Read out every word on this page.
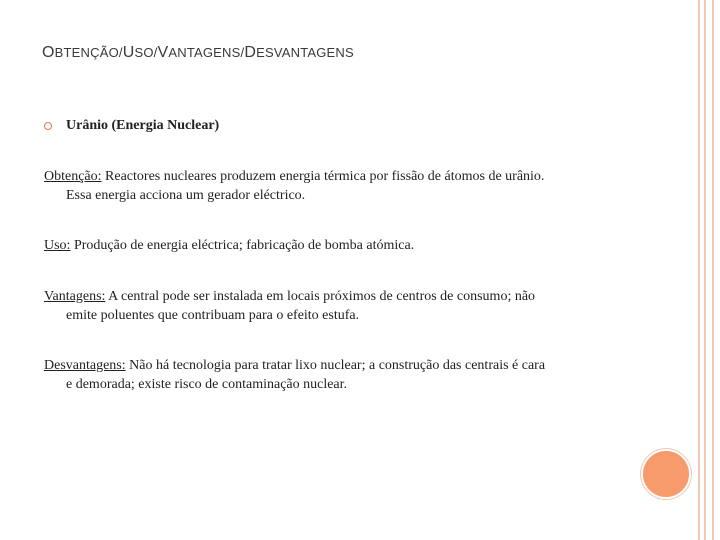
OBTENÇÃO/USO/VANTAGENS/DESVANTAGENS
Urânio (Energia Nuclear)
Obtenção: Reactores nucleares produzem energia térmica por fissão de átomos de urânio.
Essa energia acciona um gerador eléctrico.
Uso: Produção de energia eléctrica; fabricação de bomba atómica.
Vantagens: A central pode ser instalada em locais próximos de centros de consumo; não
emite poluentes que contribuam para o efeito estufa.
Desvantagens: Não há tecnologia para tratar lixo nuclear; a construção das centrais é cara
e demorada; existe risco de contaminação nuclear.
